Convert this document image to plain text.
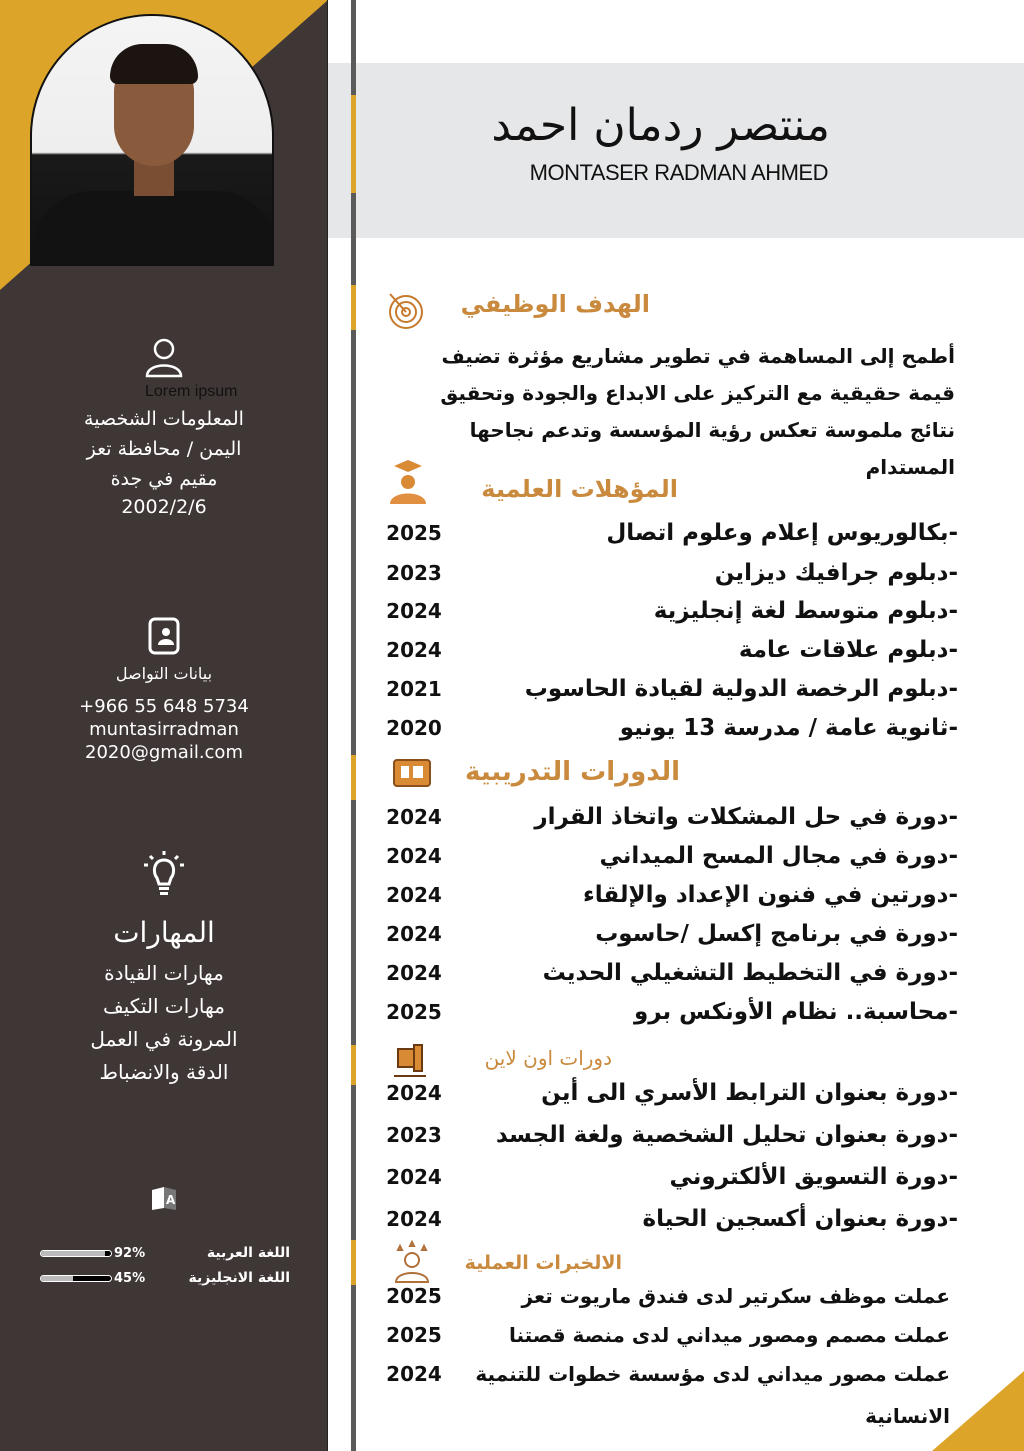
Lorem ipsum
المعلومات الشخصية
اليمن / محافظة تعز
مقيم في جدة
2002/2/6
بيانات التواصل
+966 55 648 5734
muntasirradman
2020@gmail.com
المهارات
مهارات القيادة
مهارات التكيف
المرونة في العمل
الدقة والانضباط
A
92%	اللغة العربية
45%	اللغة الانجليزية
منتصر ردمان احمد
MONTASER RADMAN AHMED
الهدف الوظيفي
أطمح إلى المساهمة في تطوير مشاريع مؤثرة تضيف
قيمة حقيقية مع التركيز على الابداع والجودة وتحقيق
نتائج ملموسة تعكس رؤية المؤسسة وتدعم نجاحها
المستدام
المؤهلات العلمية
2025	-بكالوريوس إعلام وعلوم اتصال
2023	-دبلوم جرافيك ديزاين
2024	-دبلوم متوسط لغة إنجليزية
2024	-دبلوم علاقات عامة
2021	-دبلوم الرخصة الدولية لقيادة الحاسوب
2020	-ثانوية عامة / مدرسة 13 يونيو
الدورات التدريبية
2024	-دورة في حل المشكلات واتخاذ القرار
2024	-دورة في مجال المسح الميداني
2024	-دورتين في فنون الإعداد والإلقاء
2024	-دورة في برنامج إكسل /حاسوب
2024	-دورة في التخطيط التشغيلي الحديث
2025	-محاسبة.. نظام الأونكس برو
دورات اون لاين
2024	-دورة بعنوان الترابط الأسري الى أين
2023	-دورة بعنوان تحليل الشخصية ولغة الجسد
2024	-دورة التسويق الألكتروني
2024	-دورة بعنوان أكسجين الحياة
الالخبرات العملية
2025	عملت موظف سكرتير لدى فندق ماريوت تعز
2025	عملت مصمم ومصور ميداني لدى منصة قصتنا
2024	عملت مصور ميداني لدى مؤسسة خطوات للتنمية
الانسانية
